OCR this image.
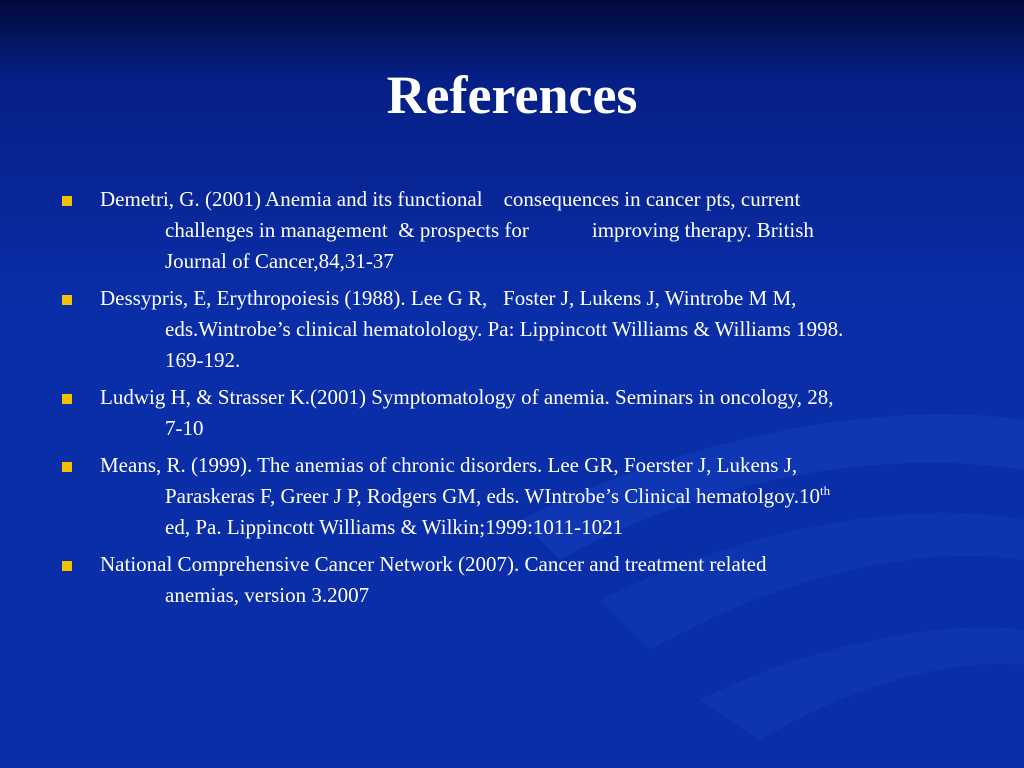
References
Demetri, G. (2001) Anemia and its functional    consequences in cancer pts, current
challenges in management  & prospects for            improving therapy. British
Journal of Cancer,84,31-37
Dessypris, E, Erythropoiesis (1988). Lee G R,   Foster J, Lukens J, Wintrobe M M,
eds.Wintrobe’s clinical hematolology. Pa: Lippincott Williams & Williams 1998.
169-192.
Ludwig H, & Strasser K.(2001) Symptomatology of anemia. Seminars in oncology, 28,
7-10
Means, R. (1999). The anemias of chronic disorders. Lee GR, Foerster J, Lukens J,
Paraskeras F, Greer J P, Rodgers GM, eds. WIntrobe’s Clinical hematolgoy.10th
ed, Pa. Lippincott Williams & Wilkin;1999:1011-1021
National Comprehensive Cancer Network (2007). Cancer and treatment related
anemias, version 3.2007
